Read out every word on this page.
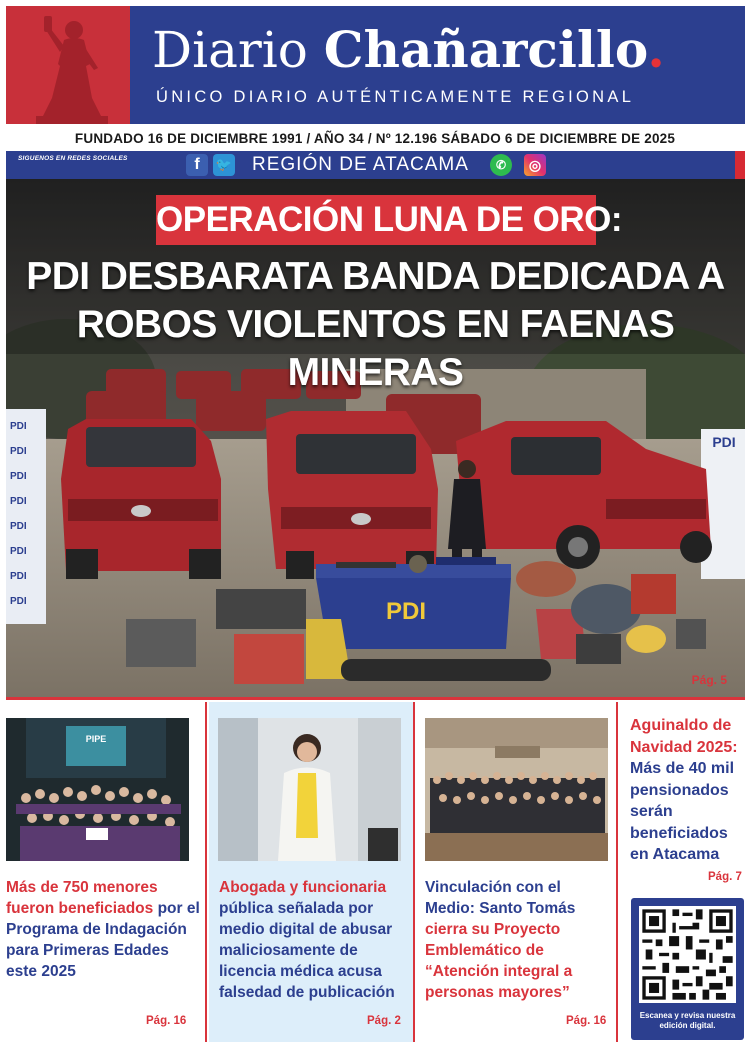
Diario Chañarcillo.
ÚNICO DIARIO AUTÉNTICAMENTE REGIONAL
FUNDADO 16 DE DICIEMBRE 1991 / AÑO 34 / Nº 12.196 SÁBADO 6 DE DICIEMBRE DE 2025
SIGUENOS EN REDES SOCIALES	f	🐦 REGIÓN DE ATACAMA	✆	◎
PDI
PDI
PDI
PDI
PDI
PDI
PDI
PDI
PDI
PDI
OPERACIÓN LUNA DE ORO:
PDI DESBARATA BANDA DEDICADA A
ROBOS VIOLENTOS EN FAENAS MINERAS
Pág. 5
PIPE
Más de 750 menores fueron beneficiados por el Programa de Indagación para Primeras Edades este 2025
Pág. 16
Abogada y funcionaria pública señalada por medio digital de abusar maliciosamente de licencia médica acusa falsedad de publicación
Pág. 2
Vinculación con el Medio: Santo Tomás cierra su Proyecto Emblemático de “Atención integral a personas mayores”
Pág. 16
Aguinaldo de Navidad 2025: Más de 40 mil pensionados serán beneficiados en Atacama
Pág. 7
Escanea y revisa nuestra edición digital.
